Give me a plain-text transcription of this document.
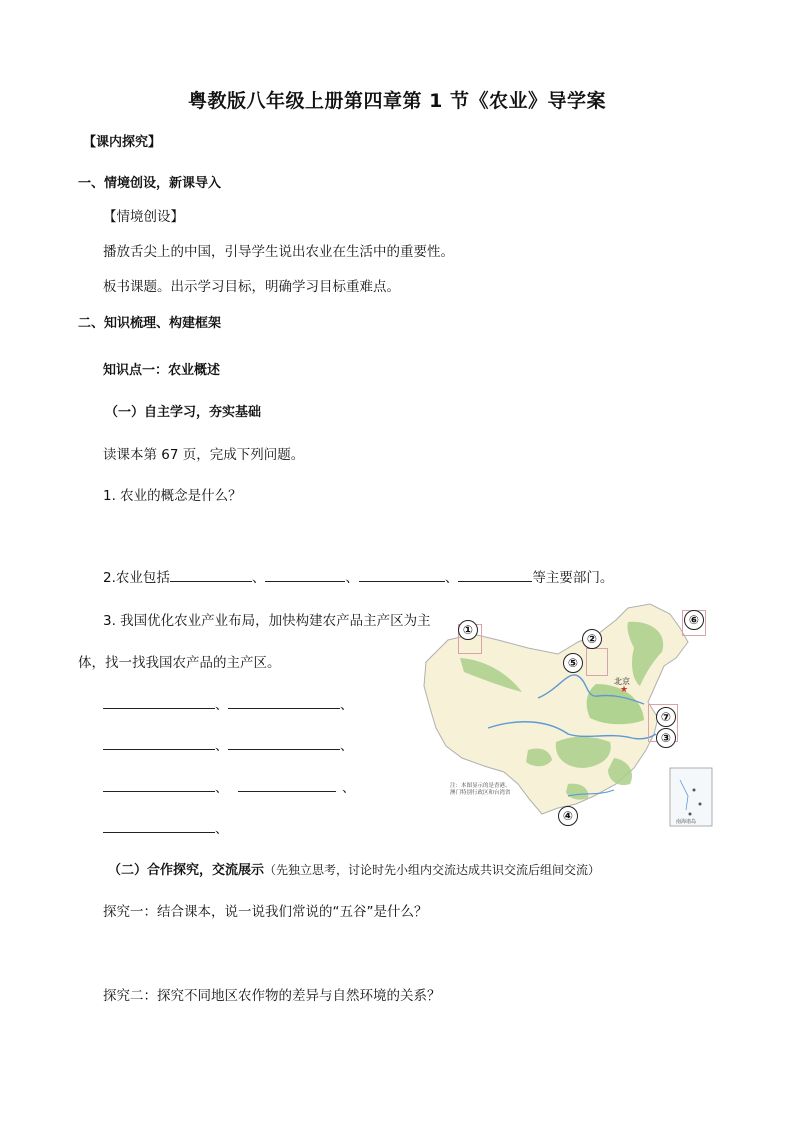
粤教版八年级上册第四章第 1 节《农业》导学案
【课内探究】
一、情境创设，新课导入
【情境创设】
播放舌尖上的中国，引导学生说出农业在生活中的重要性。
板书课题。出示学习目标，明确学习目标重难点。
二、知识梳理、构建框架
知识点一：农业概述
（一）自主学习，夯实基础
读课本第 67 页，完成下列问题。
1. 农业的概念是什么？
2.农业包括	、	、	、	等主要部门。
3. 我国优化农业产业布局，加快构建农产品主产区为主
体，找一找我国农产品的主产区。
、	、
、	、
、	、
、
★
北京
①
②
③
④
⑤
⑥
⑦
注：本图显示的是香港、
澳门特别行政区和台湾省
南海诸岛
（二）合作探究，交流展示（先独立思考，讨论时先小组内交流达成共识交流后组间交流）
探究一：结合课本，说一说我们常说的“五谷”是什么？
探究二：探究不同地区农作物的差异与自然环境的关系？
